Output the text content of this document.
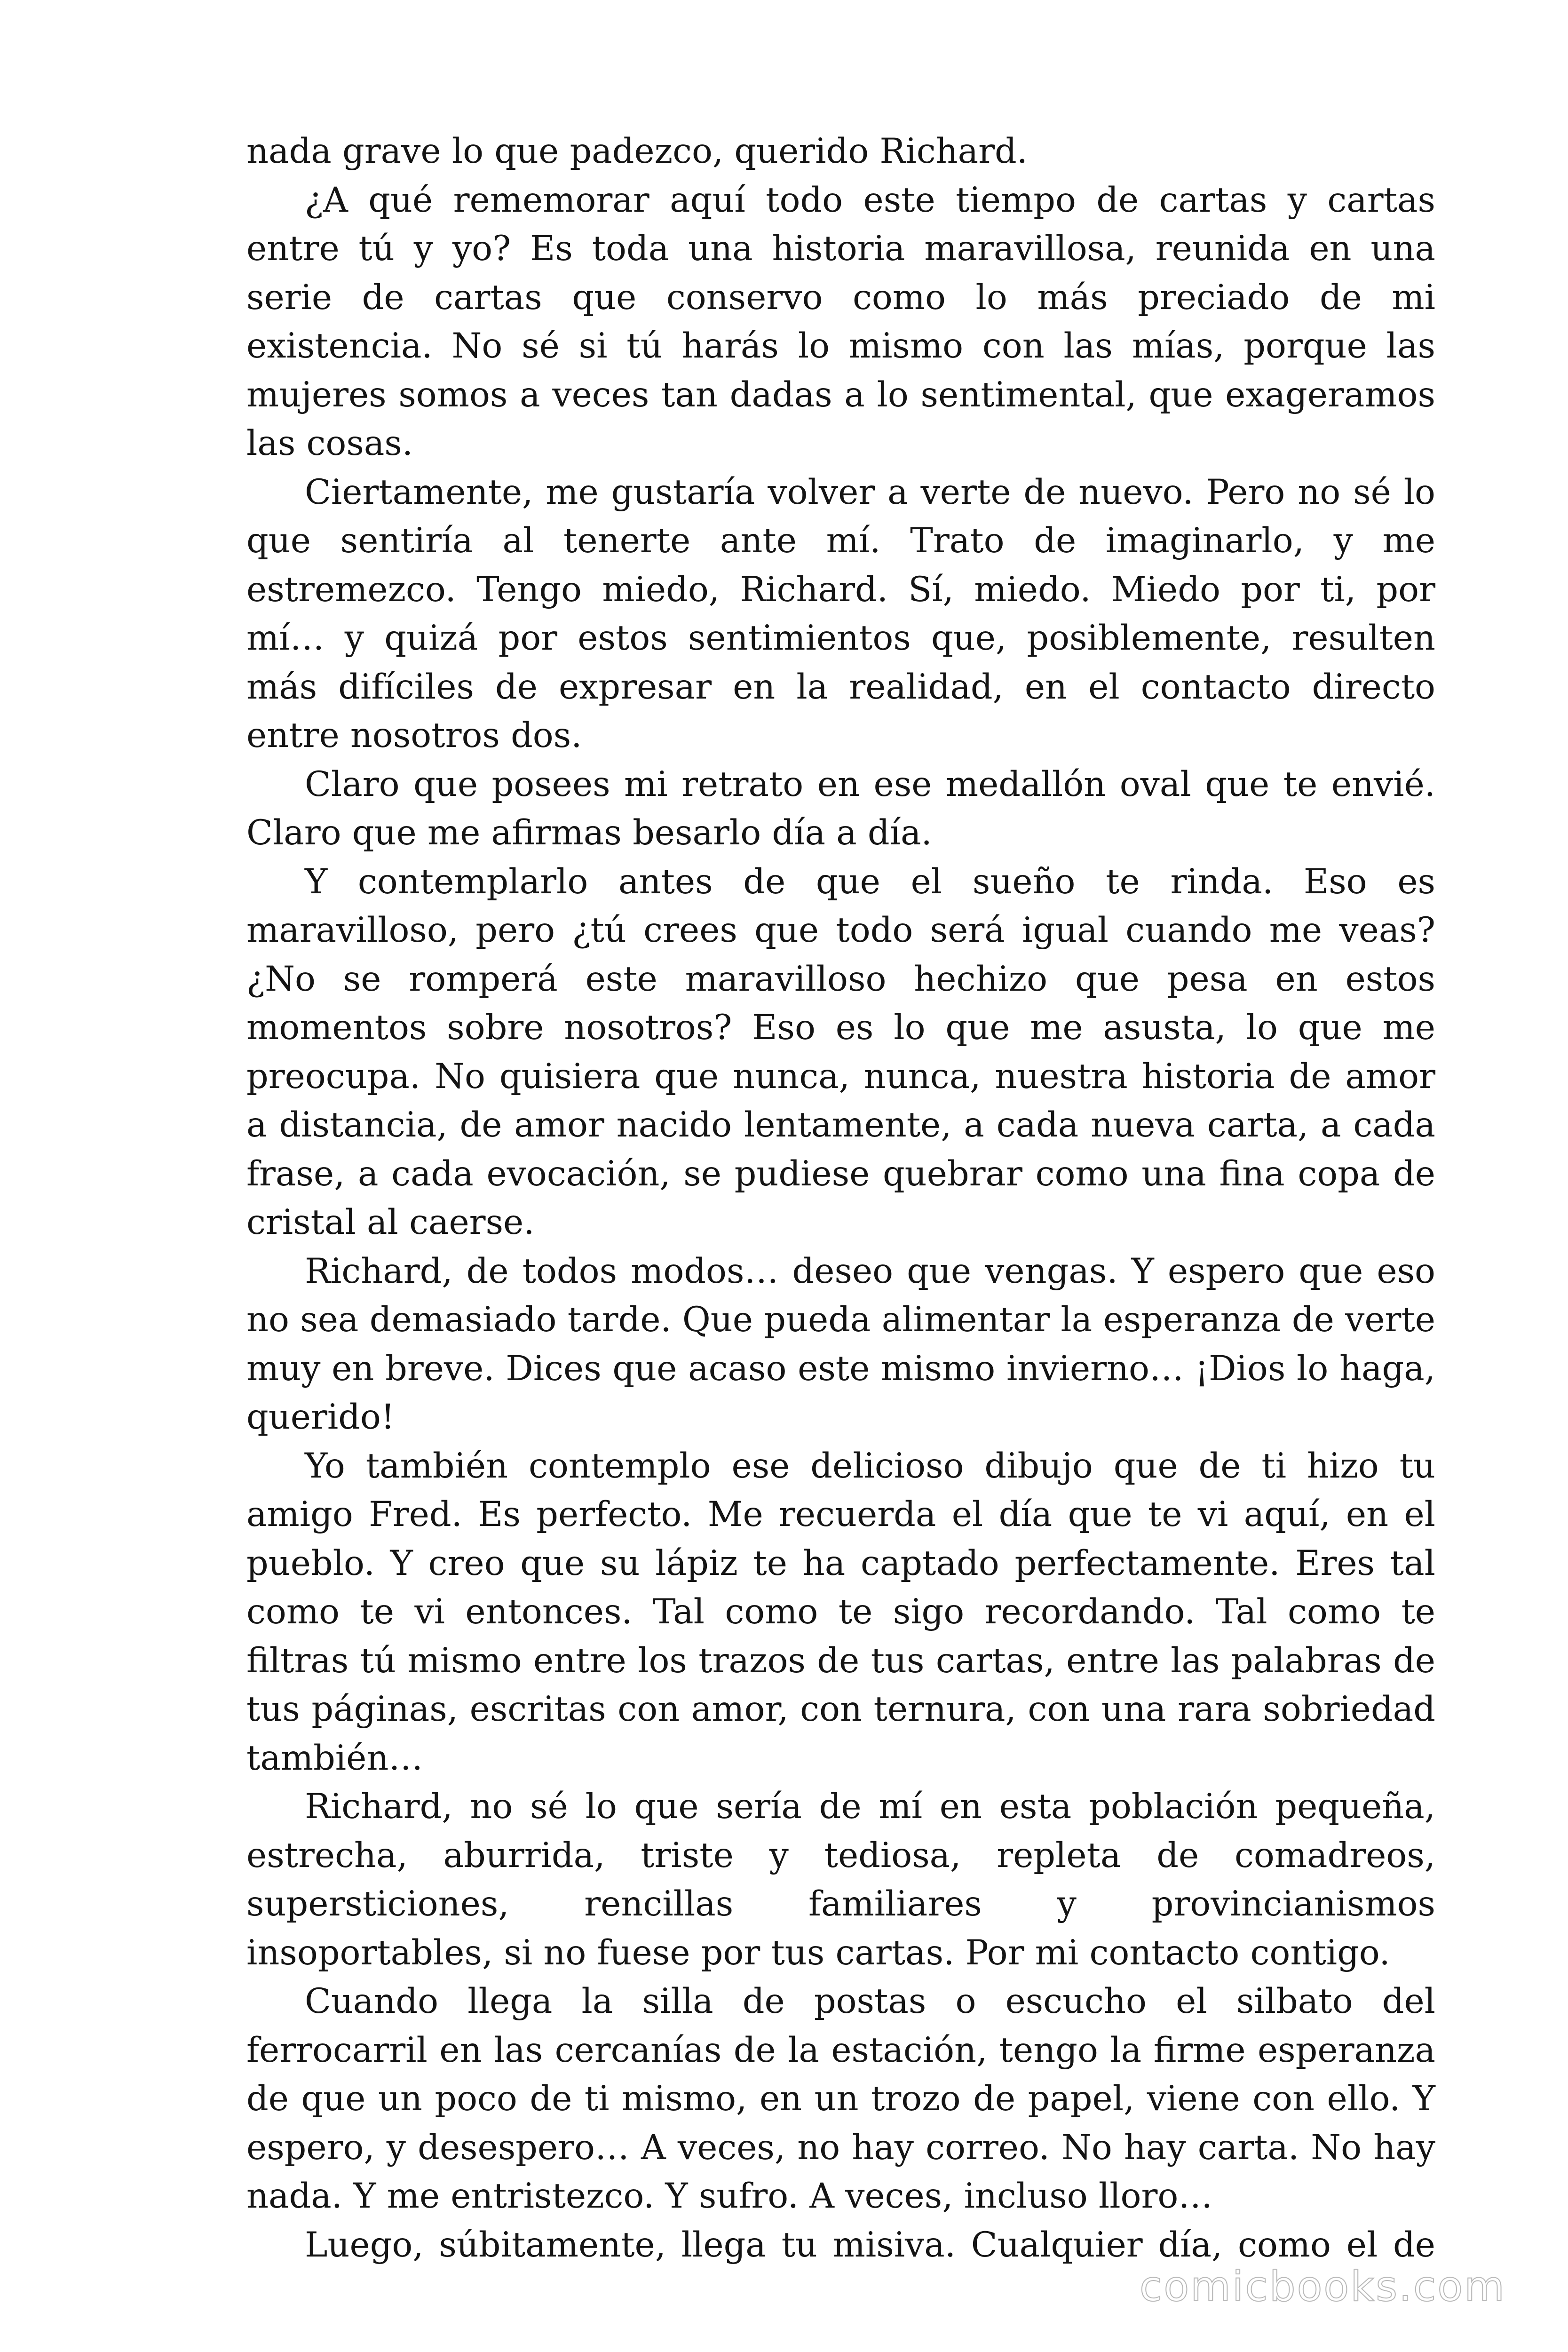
nada grave lo que padezco, querido Richard.

¿A qué rememorar aquí todo este tiempo de cartas y cartas entre tú y yo? Es toda una historia maravillosa, reunida en una serie de cartas que conservo como lo más preciado de mi existencia. No sé si tú harás lo mismo con las mías, porque las mujeres somos a veces tan dadas a lo sentimental, que exageramos las cosas.

Ciertamente, me gustaría volver a verte de nuevo. Pero no sé lo que sentiría al tenerte ante mí. Trato de imaginarlo, y me estremezco. Tengo miedo, Richard. Sí, miedo. Miedo por ti, por mí… y quizá por estos sentimientos que, posiblemente, resulten más difíciles de expresar en la realidad, en el contacto directo entre nosotros dos.

Claro que posees mi retrato en ese medallón oval que te envié. Claro que me afirmas besarlo día a día.

Y contemplarlo antes de que el sueño te rinda. Eso es maravilloso, pero ¿tú crees que todo será igual cuando me veas? ¿No se romperá este maravilloso hechizo que pesa en estos momentos sobre nosotros? Eso es lo que me asusta, lo que me preocupa. No quisiera que nunca, nunca, nuestra historia de amor a distancia, de amor nacido lentamente, a cada nueva carta, a cada frase, a cada evocación, se pudiese quebrar como una fina copa de cristal al caerse.

Richard, de todos modos… deseo que vengas. Y espero que eso no sea demasiado tarde. Que pueda alimentar la esperanza de verte muy en breve. Dices que acaso este mismo invierno… ¡Dios lo haga, querido!

Yo también contemplo ese delicioso dibujo que de ti hizo tu amigo Fred. Es perfecto. Me recuerda el día que te vi aquí, en el pueblo. Y creo que su lápiz te ha captado perfectamente. Eres tal como te vi entonces. Tal como te sigo recordando. Tal como te filtras tú mismo entre los trazos de tus cartas, entre las palabras de tus páginas, escritas con amor, con ternura, con una rara sobriedad también…

Richard, no sé lo que sería de mí en esta población pequeña, estrecha, aburrida, triste y tediosa, repleta de comadreos, supersticiones, rencillas familiares y provincianismos insoportables, si no fuese por tus cartas. Por mi contacto contigo.

Cuando llega la silla de postas o escucho el silbato del ferrocarril en las cercanías de la estación, tengo la firme esperanza de que un poco de ti mismo, en un trozo de papel, viene con ello. Y espero, y desespero… A veces, no hay correo. No hay carta. No hay nada. Y me entristezco. Y sufro. A veces, incluso lloro…

Luego, súbitamente, llega tu misiva. Cualquier día, como el de

comicbooks.com
